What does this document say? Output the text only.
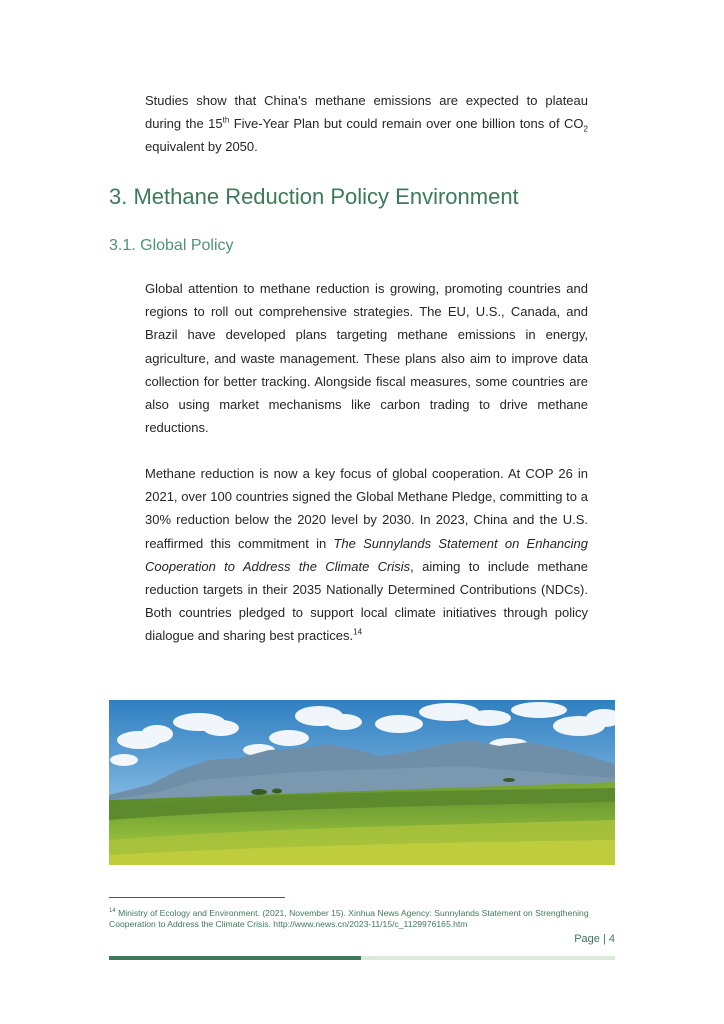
Studies show that China's methane emissions are expected to plateau during the 15th Five-Year Plan but could remain over one billion tons of $CO_2$ equivalent by 2050.

3. Methane Reduction Policy Environment
3.1. Global Policy

Global attention to methane reduction is growing, promoting countries and regions to roll out comprehensive strategies. The EU, U.S., Canada, and Brazil have developed plans targeting methane emissions in energy, agriculture, and waste management. These plans also aim to improve data collection for better tracking. Alongside fiscal measures, some countries are also using market mechanisms like carbon trading to drive methane reductions.

Methane reduction is now a key focus of global cooperation. At COP 26 in 2021, over 100 countries signed the Global Methane Pledge, committing to a 30% reduction below the 2020 level by 2030. In 2023, China and the U.S. reaffirmed this commitment in The Sunnylands Statement on Enhancing Cooperation to Address the Climate Crisis, aiming to include methane reduction targets in their 2035 Nationally Determined Contributions (NDCs). Both countries pledged to support local climate initiatives through policy dialogue and sharing best practices.$^{14}$

$^{14}$ Ministry of Ecology and Environment. (2021, November 15). Xinhua News Agency: Sunnylands Statement on Strengthening Cooperation to Address the Climate Crisis. http://www.news.cn/2023-11/15/c_1129976165.htm

Page | 4
